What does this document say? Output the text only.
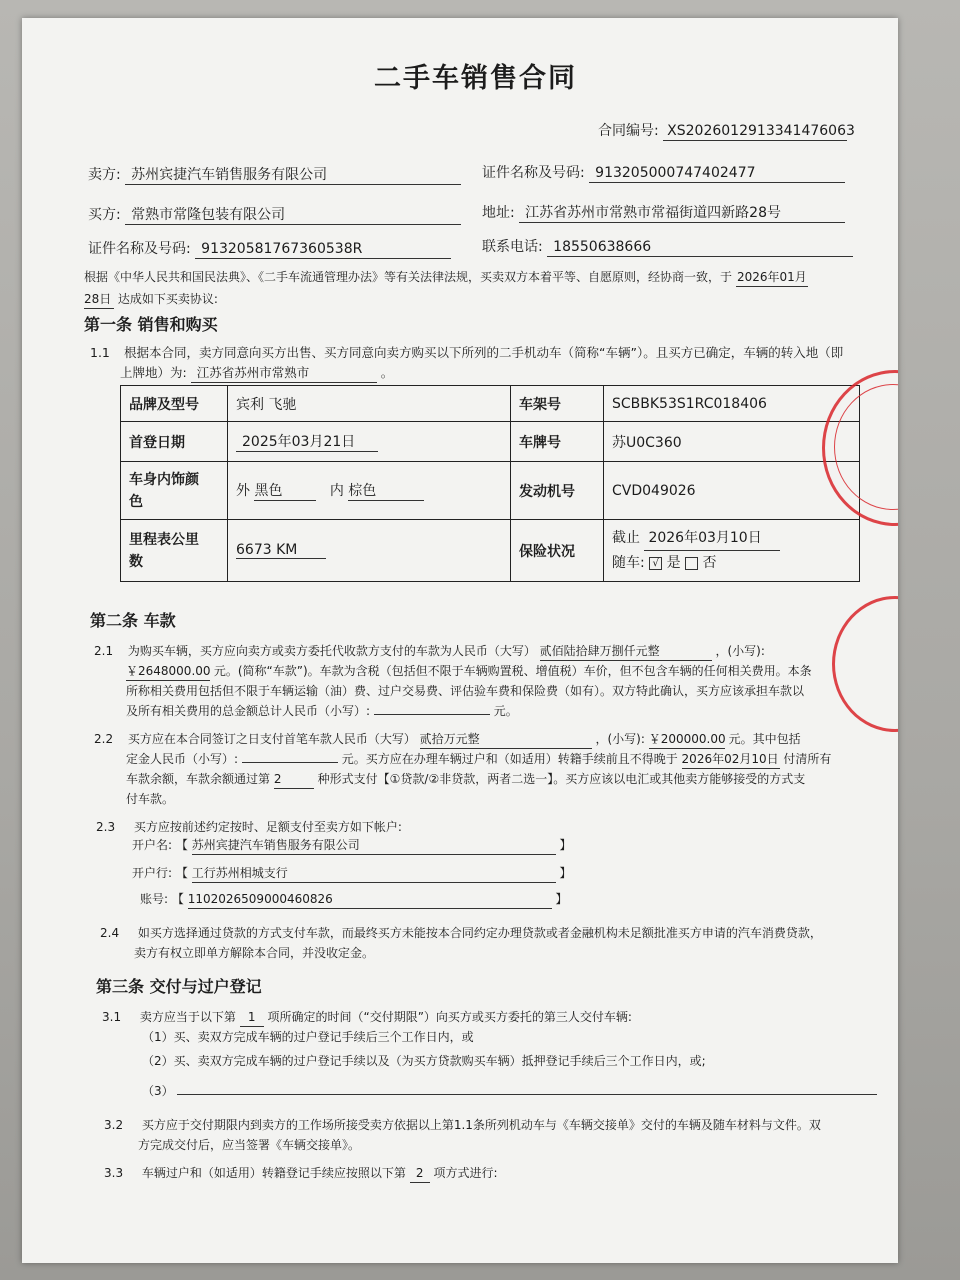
二手车销售合同
合同编号: XS2026012913341476063
卖方: 苏州宾捷汽车销售服务有限公司	证件名称及号码: 913205000747402477
买方: 常熟市常隆包装有限公司	地址: 江苏省苏州市常熟市常福街道四新路28号
证件名称及号码: 91320581767360538R	联系电话: 18550638666
根据《中华人民共和国民法典》、《二手车流通管理办法》等有关法律法规，买卖双方本着平等、自愿原则，经协商一致，于 2026年01月
28日 达成如下买卖协议:
第一条 销售和购买
1.1 根据本合同，卖方同意向买方出售、买方同意向卖方购买以下所列的二手机动车（简称“车辆”）。且买方已确定，车辆的转入地（即
上牌地）为: 江苏省苏州市常熟市	。
品牌及型号	宾利 飞驰	车架号	SCBBK53S1RC018406
首登日期	2025年03月21日	车牌号	苏U0C360
车身内饰颜
色	外 黑色 内 棕色	发动机号	CVD049026
里程表公里
数	6673 KM	保险状况	截止 2026年03月10日
随车: √ 是 否
第二条 车款
2.1 为购买车辆，买方应向卖方或卖方委托代收款方支付的车款为人民币（大写） 贰佰陆拾肆万捌仟元整	，(小写):
￥2648000.00 元。(简称“车款”)。车款为含税（包括但不限于车辆购置税、增值税）车价，但不包含车辆的任何相关费用。本条
所称相关费用包括但不限于车辆运输（油）费、过户交易费、评估验车费和保险费（如有）。双方特此确认，买方应该承担车款以
及所有相关费用的总金额总计人民币（小写）:	元。
2.2 买方应在本合同签订之日支付首笔车款人民币（大写） 贰拾万元整	，(小写): ￥200000.00 元。其中包括
定金人民币（小写）:	元。买方应在办理车辆过户和（如适用）转籍手续前且不得晚于 2026年02月10日 付清所有
车款余额，车款余额通过第 2	种形式支付【①贷款/②非贷款，两者二选一】。买方应该以电汇或其他卖方能够接受的方式支
付车款。
2.3 买方应按前述约定按时、足额支付至卖方如下帐户:
开户名: 【 苏州宾捷汽车销售服务有限公司	】
开户行: 【 工行苏州相城支行	】
账号: 【 1102026509000460826	】
2.4 如买方选择通过贷款的方式支付车款，而最终买方未能按本合同约定办理贷款或者金融机构未足额批准买方申请的汽车消费贷款，
卖方有权立即单方解除本合同，并没收定金。
第三条 交付与过户登记
3.1 卖方应当于以下第 1 项所确定的时间（“交付期限”）向买方或买方委托的第三人交付车辆:
（1）买、卖双方完成车辆的过户登记手续后三个工作日内，或
（2）买、卖双方完成车辆的过户登记手续以及（为买方贷款购买车辆）抵押登记手续后三个工作日内，或;
（3）
3.2 买方应于交付期限内到卖方的工作场所接受卖方依据以上第1.1条所列机动车与《车辆交接单》交付的车辆及随车材料与文件。双
方完成交付后，应当签署《车辆交接单》。
3.3 车辆过户和（如适用）转籍登记手续应按照以下第 2 项方式进行:
